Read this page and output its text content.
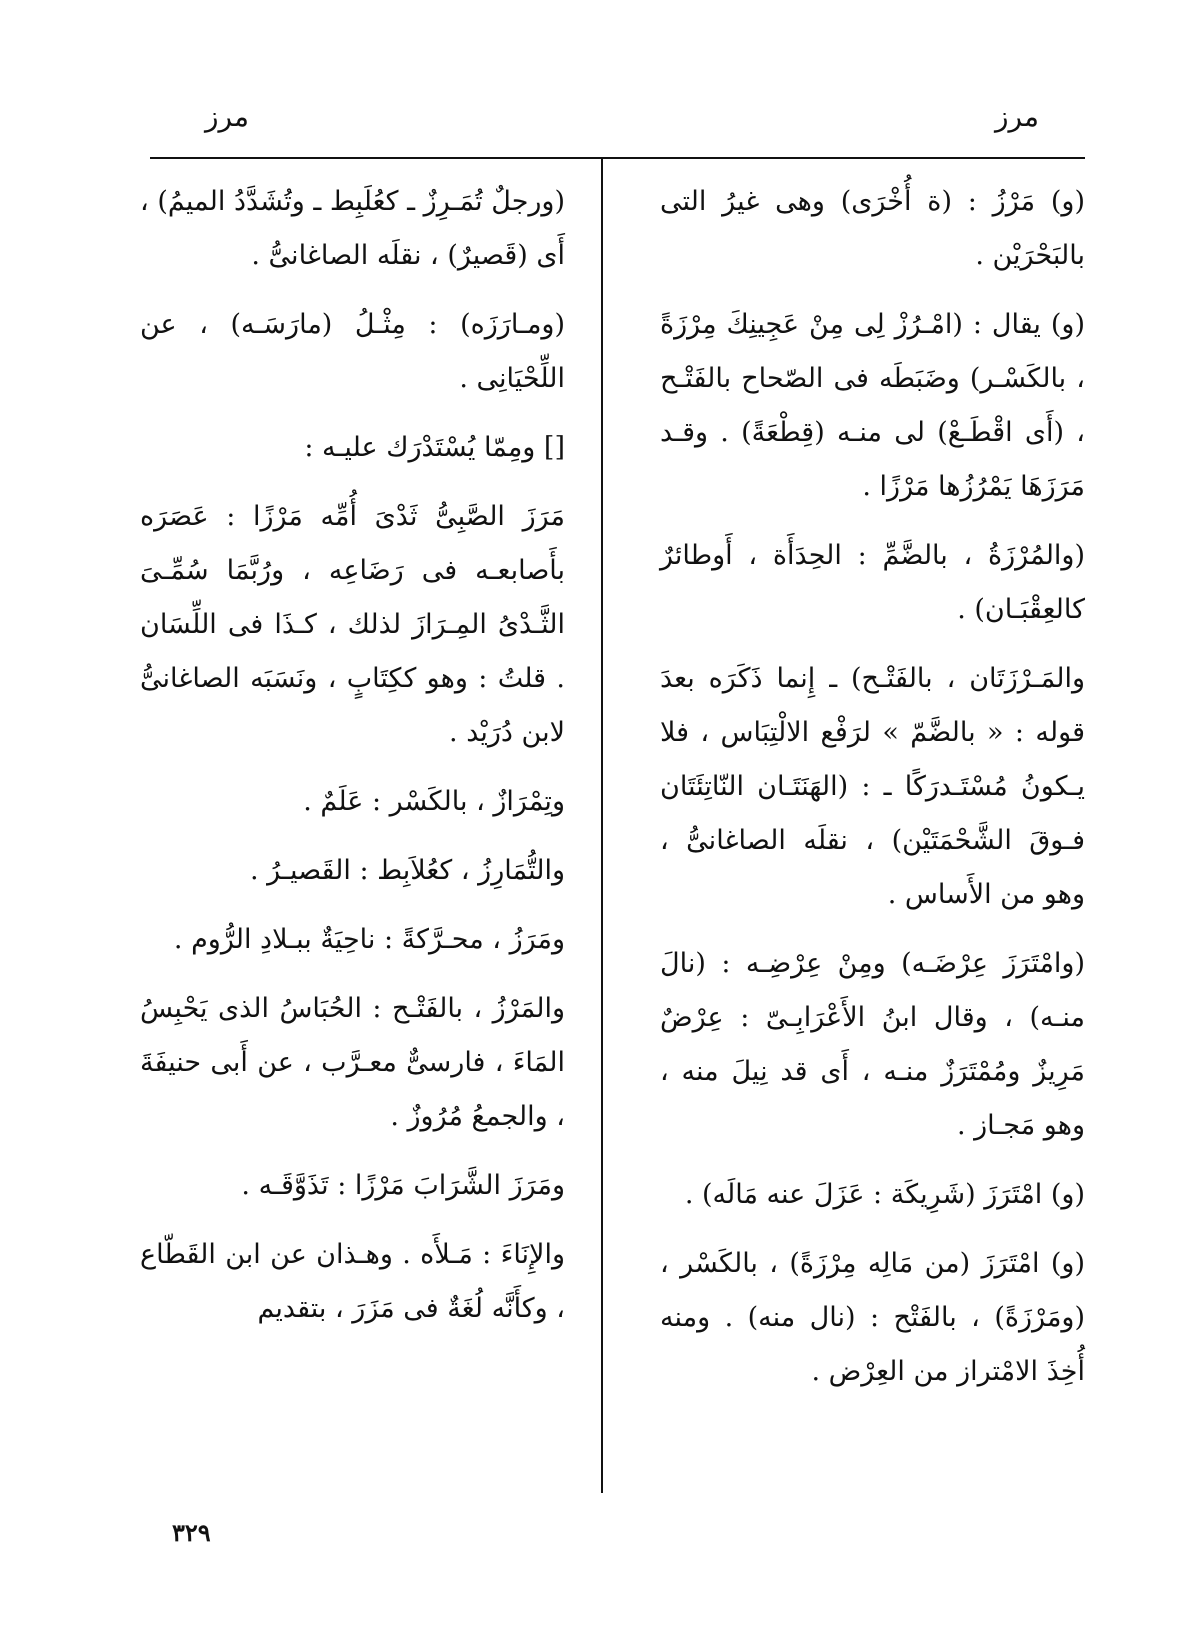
مرز
مرز

(و) مَرْزُ : (ة أُخْرَى) وهى غيرُ التى بالبَحْرَيْن .

(و) يقال : (امْـرُزْ لِى مِنْ عَجِينِكَ مِرْزَةً ، بالكَسْـر) وضَبَطَه فى الصّحاح بالفَتْـح ، (أَى اقْطَـعْ) لى منـه (قِطْعَةً) . وقـد مَرَزَهَا يَمْرُزُها مَرْزًا .

(والمُرْزَةُ ، بالضَّمِّ : الحِدَأَة ، أَوطائرٌ كالعِقْبَـان) .

والمَـرْزَتَان ، بالفَتْـح) ـ إِنما ذَكَرَه بعدَ قوله : « بالضَّمّ » لرَفْع الالْتِبَاس ، فلا يـكونُ مُسْتَـدرَكًا ـ : (الهَنَتَـان النّاتِئَتَان فـوقَ الشَّحْمَتَيْن) ، نقلَه الصاغانىُّ ، وهو من الأَساس .

(وامْتَرَزَ عِرْضَـه) ومِنْ عِرْضِـه : (نالَ منـه) ، وقال ابنُ الأَعْرَابِـىّ : عِرْضٌ مَرِيزٌ ومُمْتَرَزٌ منـه ، أَى قد نِيلَ منه ، وهو مَجـاز .

(و) امْتَرَزَ (شَرِيكَة : عَزَلَ عنه مَالَه) .

(و) امْتَرَزَ (من مَالِه مِرْزَةً) ، بالكَسْر ، (ومَرْزَةً) ، بالفَتْح : (نال منه) . ومنه أُخِذَ الامْتراز من العِرْض .

(ورجلٌ تُمَـرِزٌ ـ كعُلَبِط ـ وتُشَدَّدُ الميمُ) ، أَى (قَصيرٌ) ، نقلَه الصاغانىُّ .

(ومـارَزَه) : مِثْـلُ (مارَسَـه) ، عن اللِّحْيَانِى .

[] ومِمّا يُسْتَدْرَك عليـه :

مَرَزَ الصَّبِىُّ ثَدْىَ أُمِّه مَرْزًا : عَصَرَه بأَصابعـه فى رَضَاعِه ، ورُبَّمَا سُمِّـىَ الثَّـدْىُ المِـرَازَ لذلك ، كـذَا فى اللِّسَان . قلتُ : وهو ككِتَابٍ ، ونَسَبَه الصاغانىُّ لابن دُرَيْد .

وتِمْرَازٌ ، بالكَسْر : عَلَمٌ .

والتُّمَارِزُ ، كعُلاَبِط : القَصيـرُ .

ومَرَزُ ، محـرَّكةً : ناحِيَةٌ ببـلادِ الرُّوم .

والمَرْزُ ، بالفَتْـح : الحُبَاسُ الذى يَحْبِسُ المَاءَ ، فارسىٌّ معـرَّب ، عن أَبى حنيفَةَ ، والجمعُ مُرُوزٌ .

ومَرَزَ الشَّرَابَ مَرْزًا : تَذَوَّقَـه .

والإِنَاءَ : مَـلأَه . وهـذان عن ابن القَطّاع ، وكأَنَّه لُغَةٌ فى مَزَرَ ، بتقديم

٣٢٩
